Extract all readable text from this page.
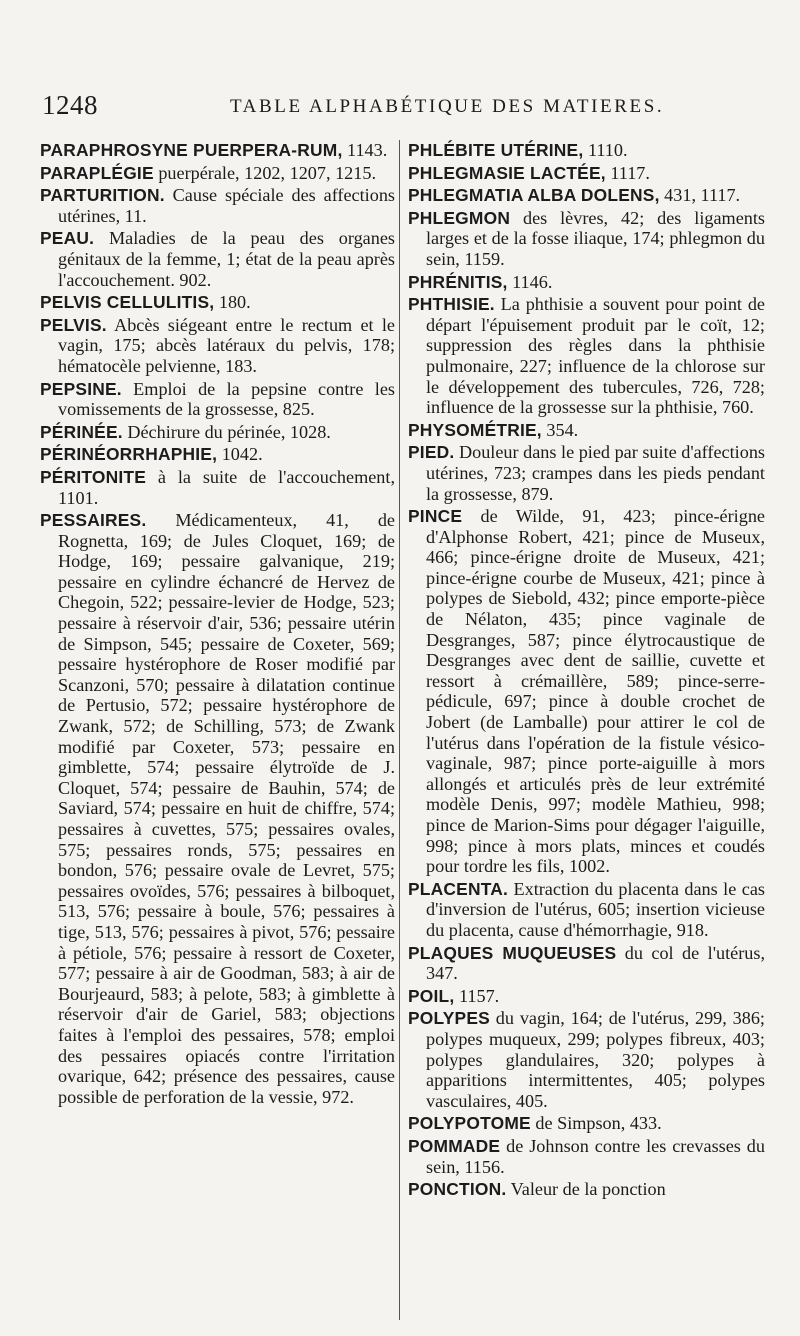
1248	TABLE ALPHABÉTIQUE DES MATIERES.

PARAPHROSYNE PUERPERA-RUM, 1143.

PARAPLÉGIE puerpérale, 1202, 1207, 1215.

PARTURITION. Cause spéciale des affections utérines, 11.

PEAU. Maladies de la peau des organes génitaux de la femme, 1; état de la peau après l'accouchement. 902.

PELVIS CELLULITIS, 180.

PELVIS. Abcès siégeant entre le rectum et le vagin, 175; abcès latéraux du pelvis, 178; hématocèle pelvienne, 183.

PEPSINE. Emploi de la pepsine contre les vomissements de la grossesse, 825.

PÉRINÉE. Déchirure du périnée, 1028.

PÉRINÉORRHAPHIE, 1042.

PÉRITONITE à la suite de l'accouchement, 1101.

PESSAIRES. Médicamenteux, 41, de Rognetta, 169; de Jules Cloquet, 169; de Hodge, 169; pessaire galvanique, 219; pessaire en cylindre échancré de Hervez de Chegoin, 522; pessaire-levier de Hodge, 523; pessaire à réservoir d'air, 536; pessaire utérin de Simpson, 545; pessaire de Coxeter, 569; pessaire hystérophore de Roser modifié par Scanzoni, 570; pessaire à dilatation continue de Pertusio, 572; pessaire hystérophore de Zwank, 572; de Schilling, 573; de Zwank modifié par Coxeter, 573; pessaire en gimblette, 574; pessaire élytroïde de J. Cloquet, 574; pessaire de Bauhin, 574; de Saviard, 574; pessaire en huit de chiffre, 574; pessaires à cuvettes, 575; pessaires ovales, 575; pessaires ronds, 575; pessaires en bondon, 576; pessaire ovale de Levret, 575; pessaires ovoïdes, 576; pessaires à bilboquet, 513, 576; pessaire à boule, 576; pessaires à tige, 513, 576; pessaires à pivot, 576; pessaire à pétiole, 576; pessaire à ressort de Coxeter, 577; pessaire à air de Goodman, 583; à air de Bourjeaurd, 583; à pelote, 583; à gimblette à réservoir d'air de Gariel, 583; objections faites à l'emploi des pessaires, 578; emploi des pessaires opiacés contre l'irritation ovarique, 642; présence des pessaires, cause possible de perforation de la vessie, 972.

PHLÉBITE UTÉRINE, 1110.

PHLEGMASIE LACTÉE, 1117.

PHLEGMATIA ALBA DOLENS, 431, 1117.

PHLEGMON des lèvres, 42; des ligaments larges et de la fosse iliaque, 174; phlegmon du sein, 1159.

PHRÉNITIS, 1146.

PHTHISIE. La phthisie a souvent pour point de départ l'épuisement produit par le coït, 12; suppression des règles dans la phthisie pulmonaire, 227; influence de la chlorose sur le développement des tubercules, 726, 728; influence de la grossesse sur la phthisie, 760.

PHYSOMÉTRIE, 354.

PIED. Douleur dans le pied par suite d'affections utérines, 723; crampes dans les pieds pendant la grossesse, 879.

PINCE de Wilde, 91, 423; pince-érigne d'Alphonse Robert, 421; pince de Museux, 466; pince-érigne droite de Museux, 421; pince-érigne courbe de Museux, 421; pince à polypes de Siebold, 432; pince emporte-pièce de Nélaton, 435; pince vaginale de Desgranges, 587; pince élytrocaustique de Desgranges avec dent de saillie, cuvette et ressort à crémaillère, 589; pince-serre-pédicule, 697; pince à double crochet de Jobert (de Lamballe) pour attirer le col de l'utérus dans l'opération de la fistule vésico-vaginale, 987; pince porte-aiguille à mors allongés et articulés près de leur extrémité modèle Denis, 997; modèle Mathieu, 998; pince de Marion-Sims pour dégager l'aiguille, 998; pince à mors plats, minces et coudés pour tordre les fils, 1002.

PLACENTA. Extraction du placenta dans le cas d'inversion de l'utérus, 605; insertion vicieuse du placenta, cause d'hémorrhagie, 918.

PLAQUES MUQUEUSES du col de l'utérus, 347.

POIL, 1157.

POLYPES du vagin, 164; de l'utérus, 299, 386; polypes muqueux, 299; polypes fibreux, 403; polypes glandulaires, 320; polypes à apparitions intermittentes, 405; polypes vasculaires, 405.

POLYPOTOME de Simpson, 433.

POMMADE de Johnson contre les crevasses du sein, 1156.

PONCTION. Valeur de la ponction
